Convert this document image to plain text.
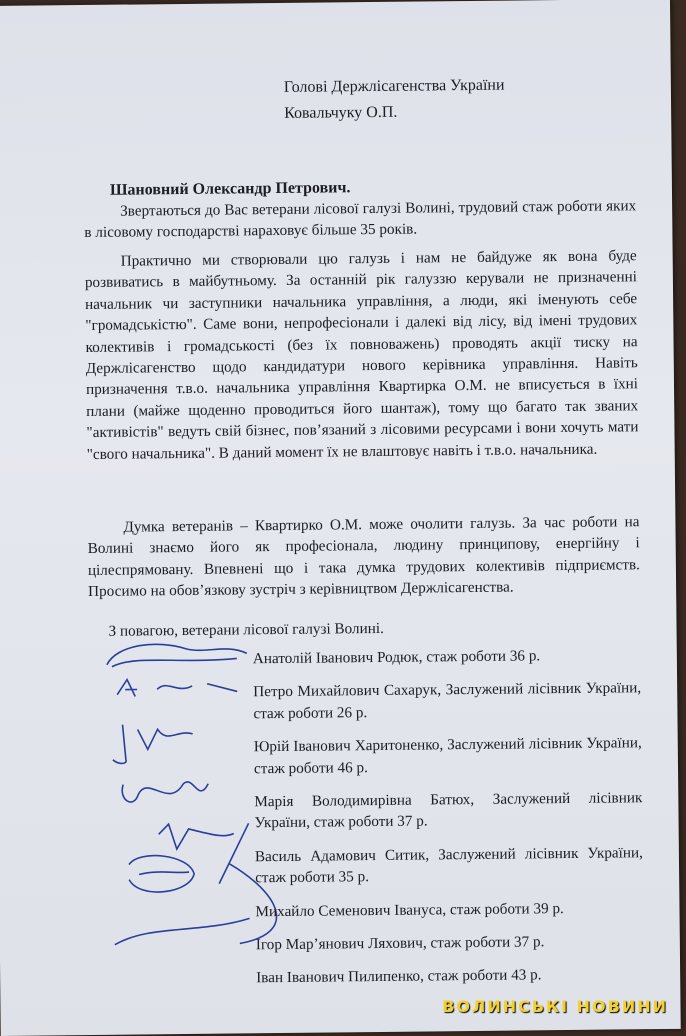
Голові Держлісагенства України
Ковальчуку О.П.
Шановний Олександр Петрович.

Звертаються до Вас ветерани лісової галузі Волині, трудовий стаж роботи яких в лісовому господарстві нараховує більше 35 років.

Практично ми створювали цю галузь і нам не байдуже як вона буде розвиватись в майбутньому. За останній рік галуззю керували не призначенні начальник чи заступники начальника управління, а люди, які іменують себе "громадськістю". Саме вони, непрофесіонали і далекі від лісу, від імені трудових колективів і громадськості (без їх повноважень) проводять акції тиску на Держлісагенство щодо кандидатури нового керівника управління. Навіть призначення т.в.о. начальника управління Квартирка О.М. не вписується в їхні плани (майже щоденно проводиться його шантаж), тому що багато так званих "активістів" ведуть свій бізнес, пов’язаний з лісовими ресурсами і вони хочуть мати "свого начальника". В даний момент їх не влаштовує навіть і т.в.о. начальника.

Думка ветеранів – Квартирко О.М. може очолити галузь. За час роботи на Волині знаємо його як професіонала, людину принципову, енергійну і цілеспрямовану. Впевнені що і така думка трудових колективів підприємств. Просимо на обов’язкову зустріч з керівництвом Держлісагенства.

З повагою, ветерани лісової галузі Волині.
Анатолій Іванович Родюк, стаж роботи 36 р.
Петро Михайлович Сахарук, Заслужений лісівник України, стаж роботи 26 р.
Юрій Іванович Харитоненко, Заслужений лісівник України, стаж роботи 46 р.
Марія Володимирівна Батюх, Заслужений лісівник України, стаж роботи 37 р.
Василь Адамович Ситик, Заслужений лісівник України, стаж роботи 35 р.
Михайло Семенович Івануса, стаж роботи 39 р.
Ігор Мар’янович Ляхович, стаж роботи 37 р.
Іван Іванович Пилипенко, стаж роботи 43 р.
ВОЛИНСЬКІ НОВИНИ
